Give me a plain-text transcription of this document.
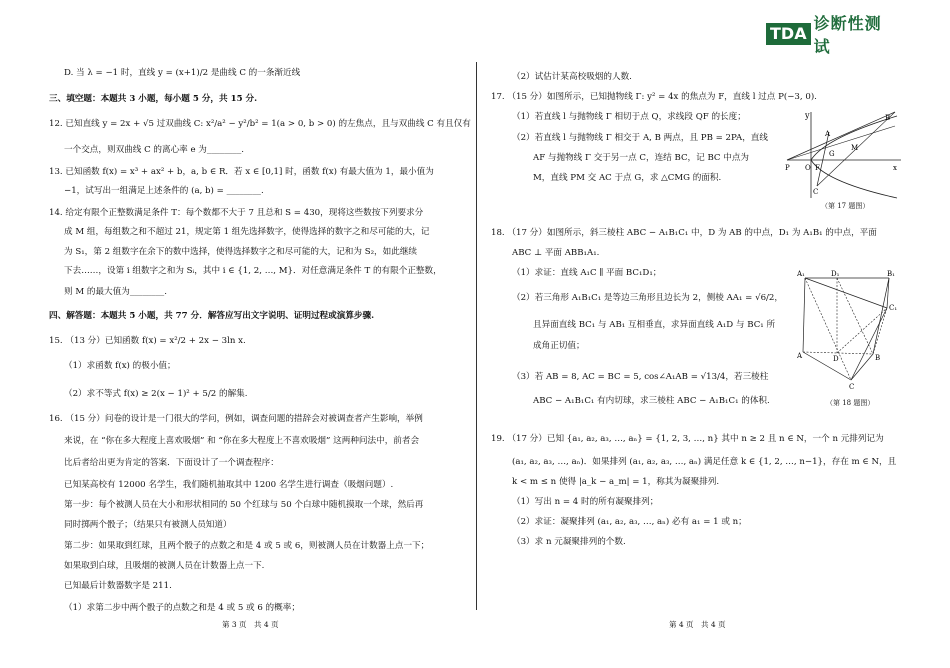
D. 当 λ = −1 时，直线 y = (x+1)/2 是曲线 C 的一条渐近线
三、填空题：本题共 3 小题，每小题 5 分，共 15 分.
12. 已知直线 y = 2x + √5 过双曲线 C: x²/a² − y²/b² = 1(a > 0, b > 0) 的左焦点，且与双曲线 C 有且仅有
一个交点，则双曲线 C 的离心率 e 为________.
13. 已知函数 f(x) = x³ + ax² + b，a, b ∈ R．若 x ∈ [0,1] 时，函数 f(x) 有最大值为 1，最小值为
−1，试写出一组满足上述条件的 (a, b) = ________.
14. 给定有限个正整数满足条件 T：每个数都不大于 7 且总和 S = 430，现将这些数按下列要求分
成 M 组，每组数之和不超过 21，规定第 1 组先选择数字，使得选择的数字之和尽可能的大，记
为 S₁，第 2 组数字在余下的数中选择，使得选择数字之和尽可能的大，记和为 S₂，如此继续
下去……，设第 i 组数字之和为 Sᵢ，其中 i ∈ {1, 2, …, M}．对任意满足条件 T 的有限个正整数，
则 M 的最大值为________.
四、解答题：本题共 5 小题，共 77 分．解答应写出文字说明、证明过程或演算步骤.
15. （13 分）已知函数 f(x) = x²/2 + 2x − 3ln x.
（1）求函数 f(x) 的极小值；
（2）求不等式 f(x) ≥ 2(x − 1)² + 5/2 的解集.
16. （15 分）问卷的设计是一门很大的学问，例如，调查问题的措辞会对被调查者产生影响，举例
来说，在 “你在多大程度上喜欢吸烟” 和 “你在多大程度上不喜欢吸烟” 这两种问法中，前者会
比后者给出更为肯定的答案．下面设计了一个调查程序：
已知某高校有 12000 名学生，我们随机抽取其中 1200 名学生进行调查（吸烟问题）.
第一步：每个被测人员在大小和形状相同的 50 个红球与 50 个白球中随机摸取一个球，然后再
同时掷两个骰子；（结果只有被测人员知道）
第二步：如果取到红球，且两个骰子的点数之和是 4 或 5 或 6，则被测人员在计数器上点一下；
如果取到白球，且吸烟的被测人员在计数器上点一下.
已知最后计数器数字是 211.
（1）求第二步中两个骰子的点数之和是 4 或 5 或 6 的概率；
第 3 页　共 4 页
TDA
诊断性测试
（2）试估计某高校吸烟的人数.
17. （15 分）如图所示，已知抛物线 Γ: y² = 4x 的焦点为 F，直线 l 过点 P(−3, 0).
（1）若直线 l 与抛物线 Γ 相切于点 Q，求线段 QF 的长度；
（2）若直线 l 与抛物线 Γ 相交于 A, B 两点，且 PB = 2PA，直线
AF 与抛物线 Γ 交于另一点 C，连结 BC，记 BC 中点为
M，直线 PM 交 AC 于点 G，求 △CMG 的面积.
y
A
B
M
G
P O F
C
x
（第 17 题图）
18. （17 分）如图所示，斜三棱柱 ABC − A₁B₁C₁ 中，D 为 AB 的中点，D₁ 为 A₁B₁ 的中点，平面
ABC ⊥ 平面 ABB₁A₁.
（1）求证：直线 A₁C ∥ 平面 BC₁D₁；
（2）若三角形 A₁B₁C₁ 是等边三角形且边长为 2，侧棱 AA₁ = √6/2，
且异面直线 BC₁ 与 AB₁ 互相垂直，求异面直线 A₁D 与 BC₁ 所
成角正切值；
（3）若 AB = 8, AC = BC = 5, cos∠A₁AB = √13/4，若三棱柱
ABC − A₁B₁C₁ 有内切球，求三棱柱 ABC − A₁B₁C₁ 的体积.
A₁	D₁	B₁
C₁
A	D	B
C
（第 18 题图）
19. （17 分）已知 {a₁, a₂, a₃, …, aₙ} = {1, 2, 3, …, n} 其中 n ≥ 2 且 n ∈ N，一个 n 元排列记为
(a₁, a₂, a₃, …, aₙ)．如果排列 (a₁, a₂, a₃, …, aₙ) 满足任意 k ∈ {1, 2, …, n−1}，存在 m ∈ N，且
k < m ≤ n 使得 |a_k − a_m| = 1，称其为凝聚排列.
（1）写出 n = 4 时的所有凝聚排列；
（2）求证：凝聚排列 (a₁, a₂, a₃, …, aₙ) 必有 a₁ = 1 或 n；
（3）求 n 元凝聚排列的个数.
第 4 页　共 4 页
